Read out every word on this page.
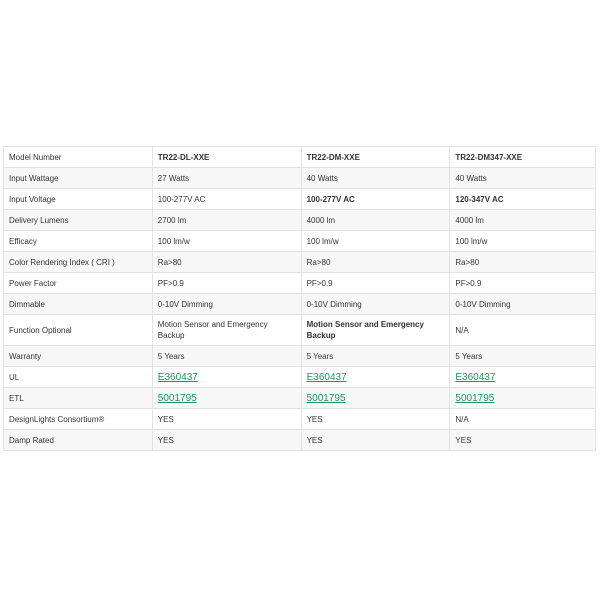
Model Number	TR22-DL-XXE	TR22-DM-XXE	TR22-DM347-XXE
Input Wattage	27 Watts	40 Watts	40 Watts
Input Voltage	100-277V AC	100-277V AC	120-347V AC
Delivery Lumens	2700 lm	4000 lm	4000 lm
Efficacy	100 lm/w	100 lm/w	100 lm/w
Color Rendering Index ( CRI )	Ra>80	Ra>80	Ra>80
Power Factor	PF>0.9	PF>0.9	PF>0.9
Dimmable	0-10V Dimming	0-10V Dimming	0-10V Dimming
Function Optional	Motion Sensor and Emergency Backup	Motion Sensor and Emergency Backup	N/A
Warranty	5 Years	5 Years	5 Years
UL	E360437	E360437	E360437
ETL	5001795	5001795	5001795
DesignLights Consortium®	YES	YES	N/A
Damp Rated	YES	YES	YES
